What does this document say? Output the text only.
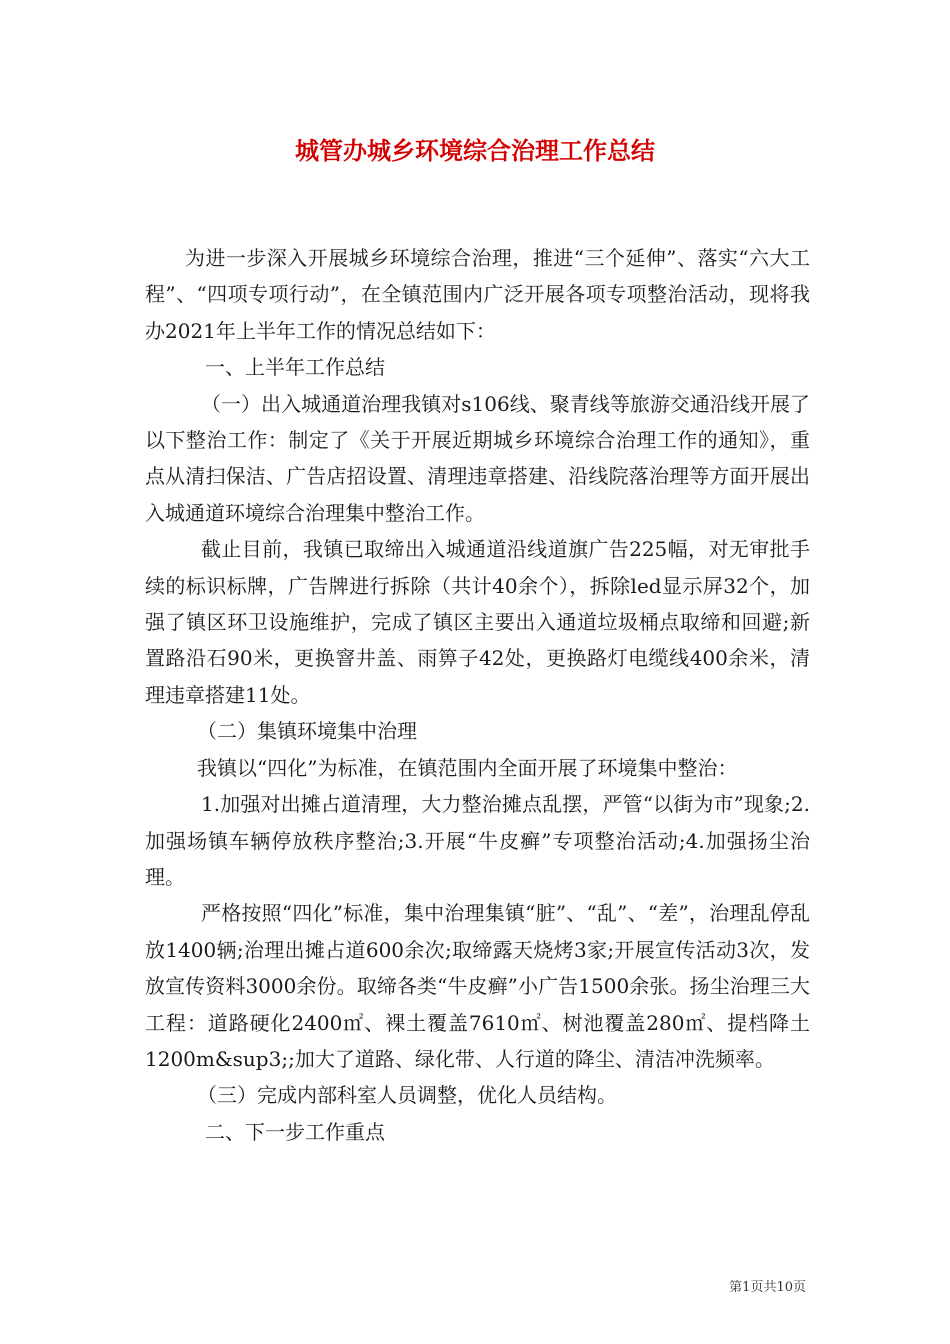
城管办城乡环境综合治理工作总结

为进一步深入开展城乡环境综合治理，推进“三个延伸”、落实“六大工程”、“四项专项行动”，在全镇范围内广泛开展各项专项整治活动，现将我办2021年上半年工作的情况总结如下：

一、上半年工作总结

（一）出入城通道治理我镇对s106线、聚青线等旅游交通沿线开展了以下整治工作：制定了《关于开展近期城乡环境综合治理工作的通知》，重点从清扫保洁、广告店招设置、清理违章搭建、沿线院落治理等方面开展出入城通道环境综合治理集中整治工作。

截止目前，我镇已取缔出入城通道沿线道旗广告225幅，对无审批手续的标识标牌，广告牌进行拆除（共计40余个），拆除led显示屏32个，加强了镇区环卫设施维护，完成了镇区主要出入通道垃圾桶点取缔和回避;新置路沿石90米，更换窨井盖、雨箅子42处，更换路灯电缆线400余米，清理违章搭建11处。

（二）集镇环境集中治理

我镇以“四化”为标准，在镇范围内全面开展了环境集中整治：

1.加强对出摊占道清理，大力整治摊点乱摆，严管“以街为市”现象;2.加强场镇车辆停放秩序整治;3.开展“牛皮癣”专项整治活动;4.加强扬尘治理。

严格按照“四化”标准，集中治理集镇“脏”、“乱”、“差”，治理乱停乱放1400辆;治理出摊占道600余次;取缔露天烧烤3家;开展宣传活动3次，发放宣传资料3000余份。取缔各类“牛皮癣”小广告1500余张。扬尘治理三大工程：道路硬化2400㎡、裸土覆盖7610㎡、树池覆盖280㎡、提档降土1200m&sup3;;加大了道路、绿化带、人行道的降尘、清洁冲洗频率。

（三）完成内部科室人员调整，优化人员结构。

二、下一步工作重点

第1页共10页
